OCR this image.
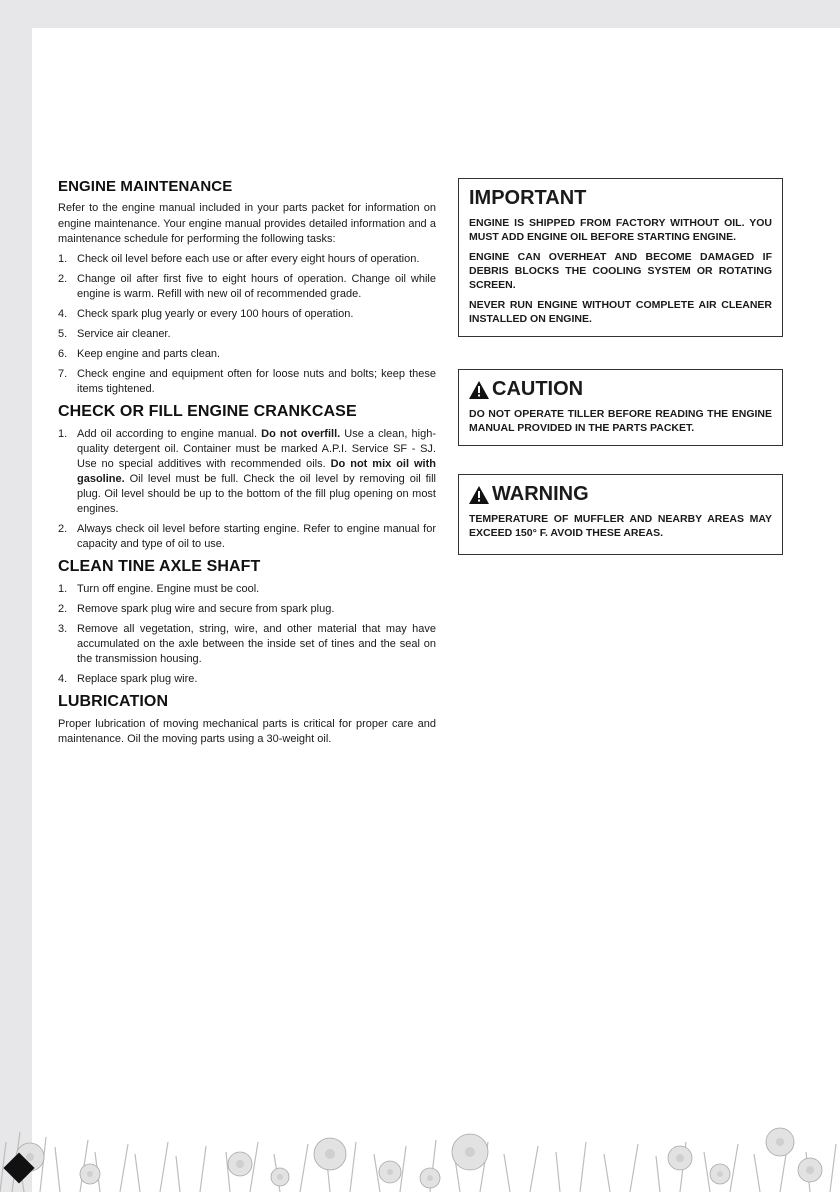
ENGINE MAINTENANCE

Refer to the engine manual included in your parts packet for information on engine maintenance. Your engine manual provides detailed information and a maintenance schedule for performing the following tasks:

1. Check oil level before each use or after every eight hours of operation.
2. Change oil after first five to eight hours of operation. Change oil while engine is warm. Refill with new oil of recommended grade.
4. Check spark plug yearly or every 100 hours of operation.
5. Service air cleaner.
6. Keep engine and parts clean.
7. Check engine and equipment often for loose nuts and bolts; keep these items tightened.
CHECK OR FILL ENGINE CRANKCASE
1. Add oil according to engine manual. Do not overfill. Use a clean, high-quality detergent oil. Container must be marked A.P.I. Service SF - SJ. Use no special additives with recommended oils. Do not mix oil with gasoline. Oil level must be full. Check the oil level by removing oil fill plug. Oil level should be up to the bottom of the fill plug opening on most engines.
2. Always check oil level before starting engine. Refer to engine manual for capacity and type of oil to use.
CLEAN TINE AXLE SHAFT
1. Turn off engine. Engine must be cool.
2. Remove spark plug wire and secure from spark plug.
3. Remove all vegetation, string, wire, and other material that may have accumulated on the axle between the inside set of tines and the seal on the transmission housing.
4. Replace spark plug wire.
LUBRICATION

Proper lubrication of moving mechanical parts is critical for proper care and maintenance. Oil the moving parts using a 30-weight oil.

IMPORTANT

ENGINE IS SHIPPED FROM FACTORY WITHOUT OIL. YOU MUST ADD ENGINE OIL BEFORE STARTING ENGINE.

ENGINE CAN OVERHEAT AND BECOME DAMAGED IF DEBRIS BLOCKS THE COOLING SYSTEM OR ROTATING SCREEN.

NEVER RUN ENGINE WITHOUT COMPLETE AIR CLEANER INSTALLED ON ENGINE.

CAUTION

DO NOT OPERATE TILLER BEFORE READING THE ENGINE MANUAL PROVIDED IN THE PARTS PACKET.

WARNING

TEMPERATURE OF MUFFLER AND NEARBY AREAS MAY EXCEED 150° F. AVOID THESE AREAS.
